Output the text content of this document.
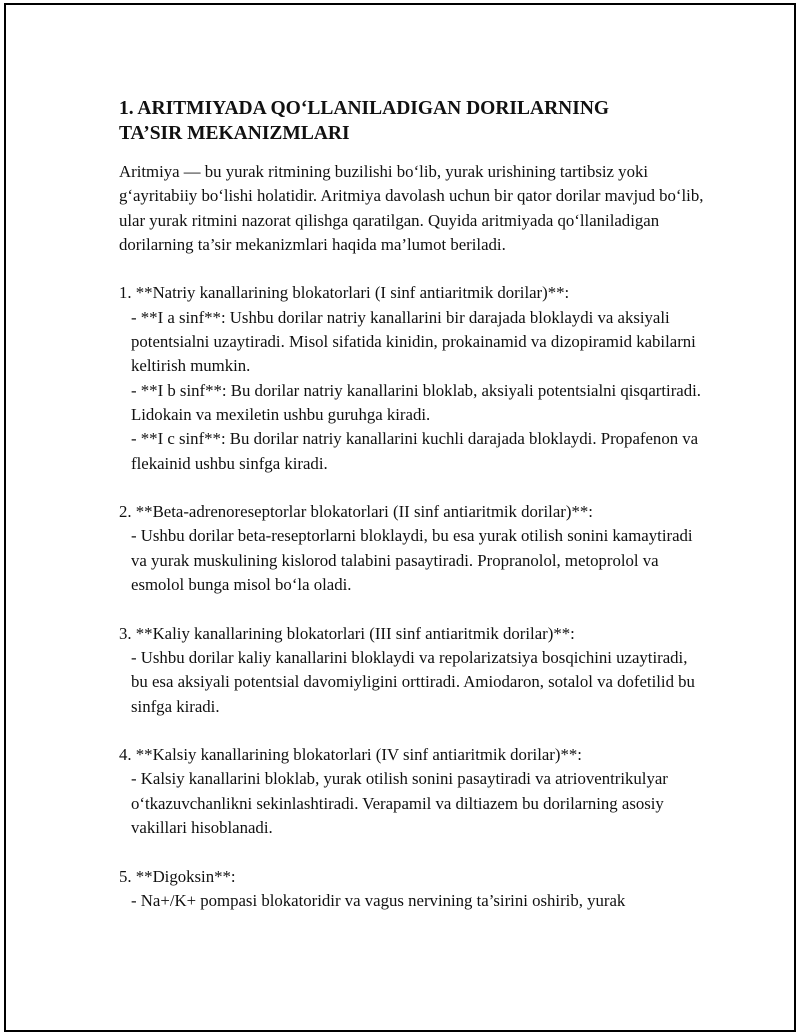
1. ARITMIYADA QO‘LLANILADIGAN DORILARNING
TA’SIR MEKANIZMLARI

Aritmiya — bu yurak ritmining buzilishi bo‘lib, yurak urishining tartibsiz yoki g‘ayritabiiy bo‘lishi holatidir. Aritmiya davolash uchun bir qator dorilar mavjud bo‘lib, ular yurak ritmini nazorat qilishga qaratilgan. Quyida aritmiyada qo‘llaniladigan dorilarning ta’sir mekanizmlari haqida ma’lumot beriladi.

1. **Natriy kanallarining blokatorlari (I sinf antiaritmik dorilar)**:

- **I a sinf**: Ushbu dorilar natriy kanallarini bir darajada bloklaydi va aksiyali potentsialni uzaytiradi. Misol sifatida kinidin, prokainamid va dizopiramid kabilarni keltirish mumkin.

- **I b sinf**: Bu dorilar natriy kanallarini bloklab, aksiyali potentsialni qisqartiradi. Lidokain va mexiletin ushbu guruhga kiradi.

- **I c sinf**: Bu dorilar natriy kanallarini kuchli darajada bloklaydi. Propafenon va flekainid ushbu sinfga kiradi.

2. **Beta-adrenoreseptorlar blokatorlari (II sinf antiaritmik dorilar)**:

- Ushbu dorilar beta-reseptorlarni bloklaydi, bu esa yurak otilish sonini kamaytiradi va yurak muskulining kislorod talabini pasaytiradi. Propranolol, metoprolol va esmolol bunga misol bo‘la oladi.

3. **Kaliy kanallarining blokatorlari (III sinf antiaritmik dorilar)**:

- Ushbu dorilar kaliy kanallarini bloklaydi va repolarizatsiya bosqichini uzaytiradi, bu esa aksiyali potentsial davomiyligini orttiradi. Amiodaron, sotalol va dofetilid bu sinfga kiradi.

4. **Kalsiy kanallarining blokatorlari (IV sinf antiaritmik dorilar)**:

- Kalsiy kanallarini bloklab, yurak otilish sonini pasaytiradi va atrioventrikulyar o‘tkazuvchanlikni sekinlashtiradi. Verapamil va diltiazem bu dorilarning asosiy vakillari hisoblanadi.

5. **Digoksin**:

- Na+/K+ pompasi blokatoridir va vagus nervining ta’sirini oshirib, yurak
